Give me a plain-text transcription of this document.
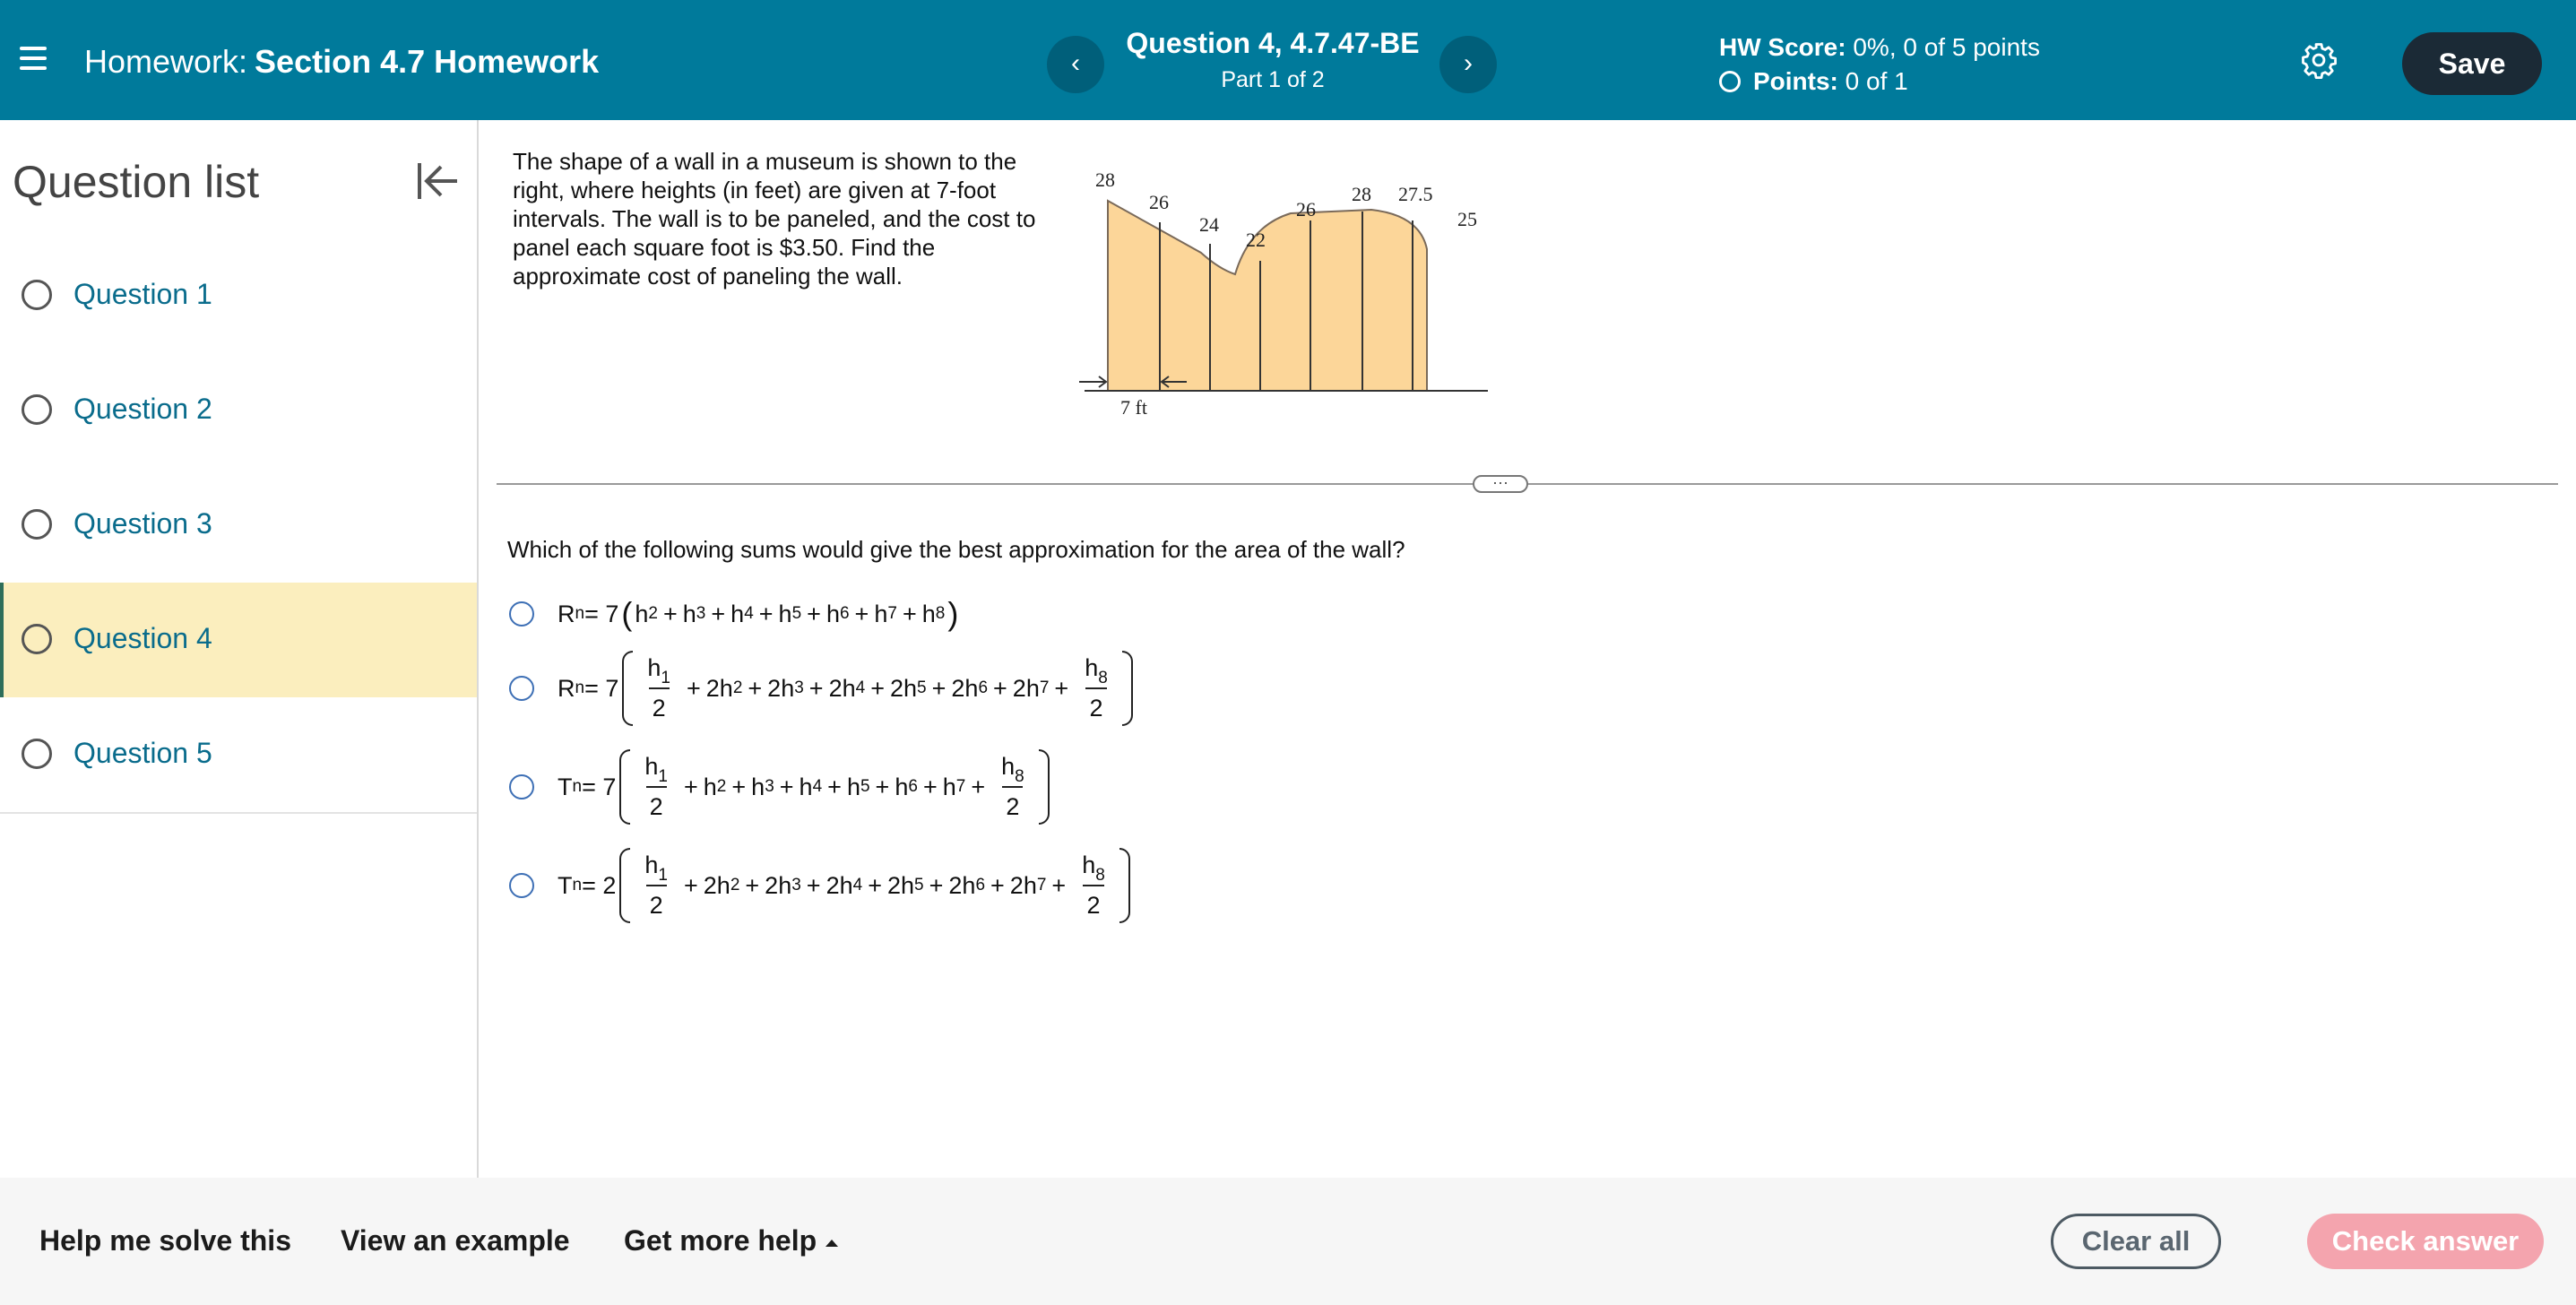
Homework: Section 4.7 Homework	‹
Question 4, 4.7.47-BE
Part 1 of 2
›
HW Score: 0%, 0 of 5 points
Points:
0 of 1
Save
Question list
Question 1
Question 2
Question 3
Question 4
Question 5
The shape of a wall in a museum is shown to the right, where heights (in feet) are given at 7-foot intervals. The wall is to be paneled, and the cost to panel each square foot is $3.50. Find the approximate cost of paneling the wall.
28
26
24
22
26
28 27.5
25
7 ft
···
Which of the following sums would give the best approximation for the area of the wall?
R n = 7 ( h 2 + h 3 + h 4 + h 5 + h 6 + h 7 + h 8 )
R $n = 7 \frac{h_1}{2} + 2h$ 2 + 2h 3 + 2h 4 + 2h 5 + 2h 6 + 2h $7 + \frac{h_8}{2}$
T $n = 7 \frac{h_1}{2} + h$ 2 + h 3 + h 4 + h 5 + h 6 + h $7 + \frac{h_8}{2}$
T $n = 2 \frac{h_1}{2} + 2h$ 2 + 2h 3 + 2h 4 + 2h 5 + 2h 6 + 2h $7 + \frac{h_8}{2}$
Help me solve this View an example Get more help	Clear all	Check answer
